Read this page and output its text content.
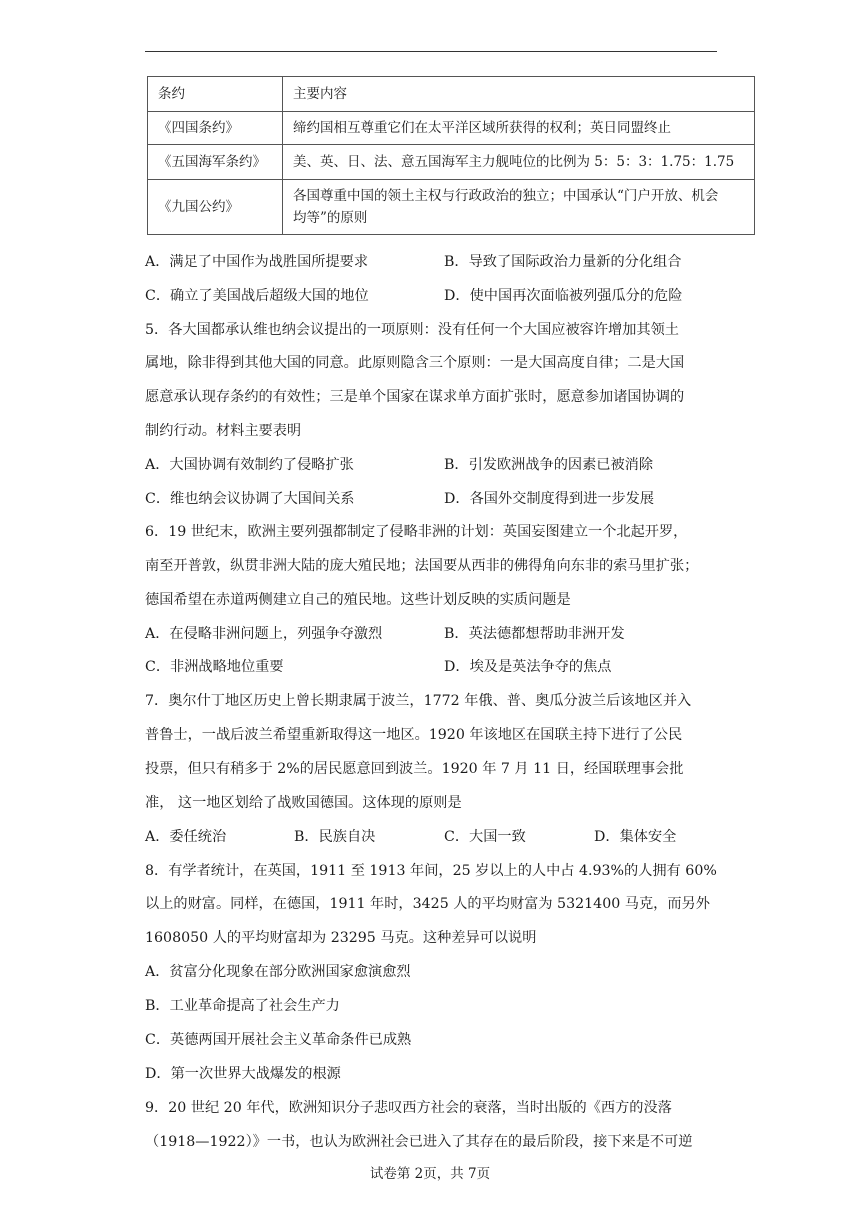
条约	主要内容
《四国条约》	缔约国相互尊重它们在太平洋区域所获得的权利；英日同盟终止
《五国海军条约》	美、英、日、法、意五国海军主力舰吨位的比例为 5：5：3：1.75：1.75
《九国公约》	各国尊重中国的领土主权与行政政治的独立；中国承认“门户开放、机会
均等”的原则
A．满足了中国作为战胜国所提要求	B．导致了国际政治力量新的分化组合
C．确立了美国战后超级大国的地位	D．使中国再次面临被列强瓜分的危险
5．各大国都承认维也纳会议提出的一项原则：没有任何一个大国应被容许增加其领土
属地，除非得到其他大国的同意。此原则隐含三个原则：一是大国高度自律；二是大国
愿意承认现存条约的有效性；三是单个国家在谋求单方面扩张时，愿意参加诸国协调的
制约行动。材料主要表明
A．大国协调有效制约了侵略扩张	B．引发欧洲战争的因素已被消除
C．维也纳会议协调了大国间关系	D．各国外交制度得到进一步发展
6．19 世纪末，欧洲主要列强都制定了侵略非洲的计划：英国妄图建立一个北起开罗，
南至开普敦，纵贯非洲大陆的庞大殖民地；法国要从西非的佛得角向东非的索马里扩张；
德国希望在赤道两侧建立自己的殖民地。这些计划反映的实质问题是
A．在侵略非洲问题上，列强争夺激烈	B．英法德都想帮助非洲开发
C．非洲战略地位重要	D．埃及是英法争夺的焦点
7．奥尔什丁地区历史上曾长期隶属于波兰，1772 年俄、普、奥瓜分波兰后该地区并入
普鲁士，一战后波兰希望重新取得这一地区。1920 年该地区在国联主持下进行了公民
投票，但只有稍多于 2%的居民愿意回到波兰。1920 年 7 月 11 日，经国联理事会批
准， 这一地区划给了战败国德国。这体现的原则是
A．委任统治	B．民族自决	C．大国一致	D．集体安全
8．有学者统计，在英国，1911 至 1913 年间，25 岁以上的人中占 4.93%的人拥有 60%
以上的财富。同样，在德国，1911 年时，3425 人的平均财富为 5321400 马克，而另外
1608050 人的平均财富却为 23295 马克。这种差异可以说明
A．贫富分化现象在部分欧洲国家愈演愈烈
B．工业革命提高了社会生产力
C．英德两国开展社会主义革命条件已成熟
D．第一次世界大战爆发的根源
9．20 世纪 20 年代，欧洲知识分子悲叹西方社会的衰落，当时出版的《西方的没落
（1918—1922）》一书，也认为欧洲社会已进入了其存在的最后阶段，接下来是不可逆
试卷第 2页，共 7页
